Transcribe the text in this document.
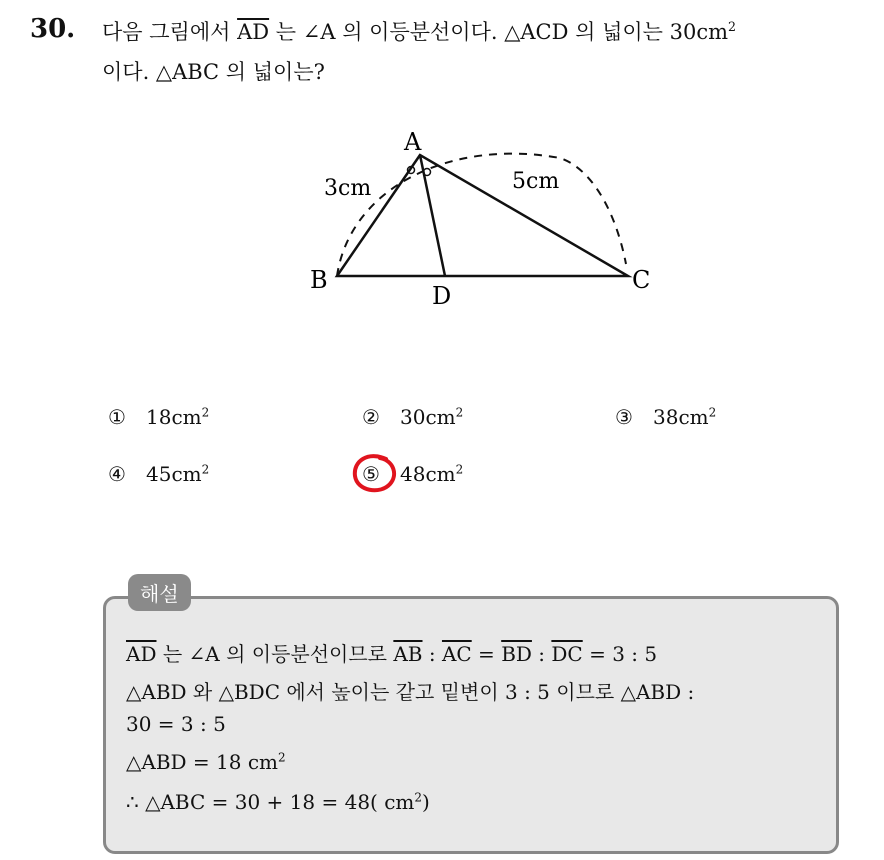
30. 다음 그림에서 $\overline{AD}$ 는 ∠A 의 이등분선이다. △ACD 의 넓이는 $30cm^2$
이다. △ABC 의 넓이는?
A
B	C
D
3cm	5cm
① $18cm^2$	② $30cm^2$	③ $38cm^2$
④ $45cm^2$	⑤ $48cm^2$
해설
$\overline{AD}$ 는 ∠A 의 이등분선이므로 $\overline{AB}$ : $\overline{AC} = \overline{BD}$ : $\overline{DC} = 3$ : 5
△ABD 와 △BDC 에서 높이는 같고 밑변이 3 : 5 이므로 △ABD :
30 = 3 : 5
△ABD = 18 $cm^2$
∴ △ABC = 30 + 18 = 48( $cm^2$)
